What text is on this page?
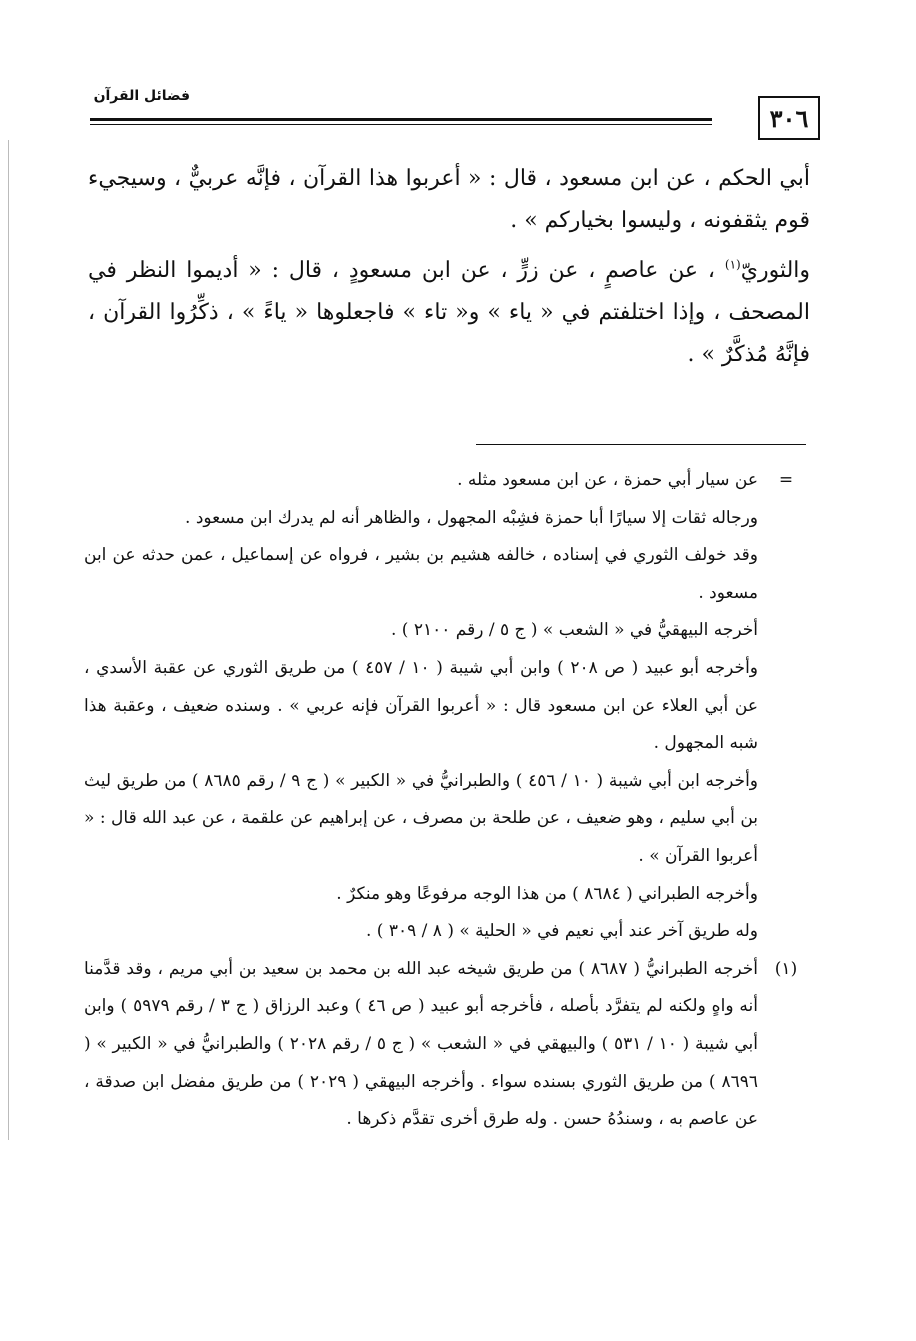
٣٠٦
فضائل القرآن

أبي الحكم ، عن ابن مسعود ، قال : « أعربوا هذا القرآن ، فإنَّه عربيٌّ ، وسيجيء قوم يثقفونه ، وليسوا بخياركم » .

والثوريّ$^{(١)}$ ، عن عاصمٍ ، عن زرٍّ ، عن ابن مسعودٍ ، قال : « أديموا النظر في المصحف ، وإذا اختلفتم في « ياء » و« تاء » فاجعلوها « ياءً » ، ذكِّرُوا القرآن ، فإنَّهُ مُذكَّرٌ » .

=

عن سيار أبي حمزة ، عن ابن مسعود مثله .

ورجاله ثقات إلا سيارًا أبا حمزة فشِبْه المجهول ، والظاهر أنه لم يدرك ابن مسعود .

وقد خولف الثوري في إسناده ، خالفه هشيم بن بشير ، فرواه عن إسماعيل ، عمن حدثه عن ابن مسعود .

أخرجه البيهقيُّ في « الشعب » ( ج ٥ / رقم ٢١٠٠ ) .

وأخرجه أبو عبيد ( ص ٢٠٨ ) وابن أبي شيبة ( ١٠ / ٤٥٧ ) من طريق الثوري عن عقبة الأسدي ، عن أبي العلاء عن ابن مسعود قال : « أعربوا القرآن فإنه عربي » . وسنده ضعيف ، وعقبة هذا شبه المجهول .

وأخرجه ابن أبي شيبة ( ١٠ / ٤٥٦ ) والطبرانيُّ في « الكبير » ( ج ٩ / رقم ٨٦٨٥ ) من طريق ليث بن أبي سليم ، وهو ضعيف ، عن طلحة بن مصرف ، عن إبراهيم عن علقمة ، عن عبد الله قال : « أعربوا القرآن » .

وأخرجه الطبراني ( ٨٦٨٤ ) من هذا الوجه مرفوعًا وهو منكرٌ .

وله طريق آخر عند أبي نعيم في « الحلية » ( ٨ / ٣٠٩ ) .

(١)

أخرجه الطبرانيُّ ( ٨٦٨٧ ) من طريق شيخه عبد الله بن محمد بن سعيد بن أبي مريم ، وقد قدَّمنا أنه واهٍ ولكنه لم يتفرَّد بأصله ، فأخرجه أبو عبيد ( ص ٤٦ ) وعبد الرزاق ( ج ٣ / رقم ٥٩٧٩ ) وابن أبي شيبة ( ١٠ / ٥٣١ ) والبيهقي في « الشعب » ( ج ٥ / رقم ٢٠٢٨ ) والطبرانيُّ في « الكبير » ( ٨٦٩٦ ) من طريق الثوري بسنده سواء . وأخرجه البيهقي ( ٢٠٢٩ ) من طريق مفضل ابن صدقة ، عن عاصم به ، وسندُهُ حسن . وله طرق أخرى تقدَّم ذكرها .
